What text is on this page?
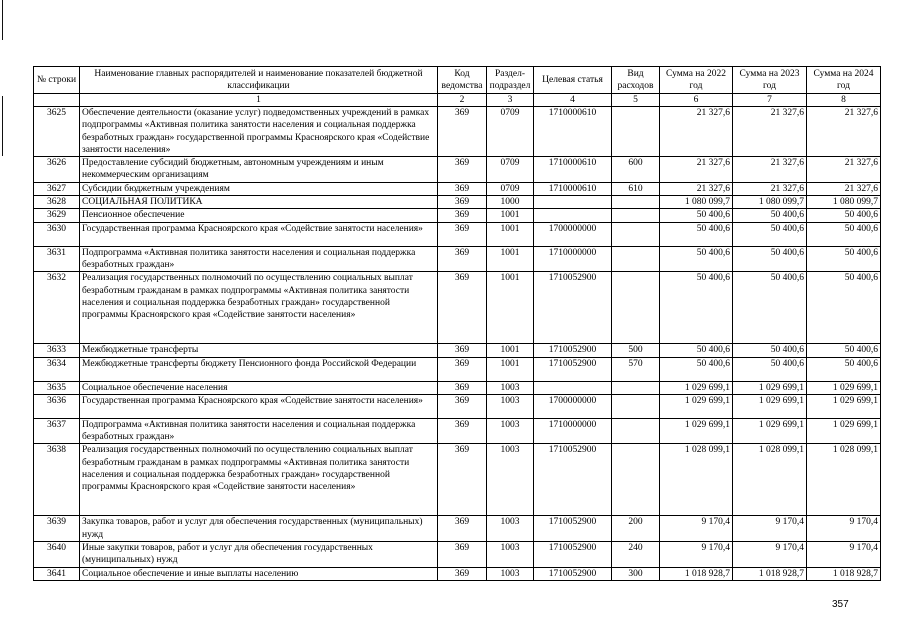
№ строки	Наименование главных распорядителей и наименование показателей бюджетной классификации	Код ведомства	Раздел-подраздел	Целевая статья	Вид расходов	Сумма на 2022 год	Сумма на 2023 год	Сумма на 2024 год
	1	2	3	4	5	6	7	8
3625	Обеспечение деятельности (оказание услуг) подведомственных учреждений в рамках подпрограммы «Активная политика занятости населения и социальная поддержка безработных граждан» государственной программы Красноярского края «Содействие занятости населения»	369	0709	1710000610		21 327,6	21 327,6	21 327,6
3626	Предоставление субсидий бюджетным, автономным учреждениям и иным некоммерческим организациям	369	0709	1710000610	600	21 327,6	21 327,6	21 327,6
3627	Субсидии бюджетным учреждениям	369	0709	1710000610	610	21 327,6	21 327,6	21 327,6
3628	СОЦИАЛЬНАЯ ПОЛИТИКА	369	1000			1 080 099,7	1 080 099,7	1 080 099,7
3629	Пенсионное обеспечение	369	1001			50 400,6	50 400,6	50 400,6
3630	Государственная программа Красноярского края «Содействие занятости населения»	369	1001	1700000000		50 400,6	50 400,6	50 400,6
3631	Подпрограмма «Активная политика занятости населения и социальная поддержка безработных граждан»	369	1001	1710000000		50 400,6	50 400,6	50 400,6
3632	Реализация государственных полномочий по осуществлению социальных выплат безработным гражданам в рамках подпрограммы «Активная политика занятости населения и социальная поддержка безработных граждан» государственной программы Красноярского края «Содействие занятости населения»	369	1001	1710052900		50 400,6	50 400,6	50 400,6
3633	Межбюджетные трансферты	369	1001	1710052900	500	50 400,6	50 400,6	50 400,6
3634	Межбюджетные трансферты бюджету Пенсионного фонда Российской Федерации	369	1001	1710052900	570	50 400,6	50 400,6	50 400,6
3635	Социальное обеспечение населения	369	1003			1 029 699,1	1 029 699,1	1 029 699,1
3636	Государственная программа Красноярского края «Содействие занятости населения»	369	1003	1700000000		1 029 699,1	1 029 699,1	1 029 699,1
3637	Подпрограмма «Активная политика занятости населения и социальная поддержка безработных граждан»	369	1003	1710000000		1 029 699,1	1 029 699,1	1 029 699,1
3638	Реализация государственных полномочий по осуществлению социальных выплат безработным гражданам в рамках подпрограммы «Активная политика занятости населения и социальная поддержка безработных граждан» государственной программы Красноярского края «Содействие занятости населения»	369	1003	1710052900		1 028 099,1	1 028 099,1	1 028 099,1
3639	Закупка товаров, работ и услуг для обеспечения государственных (муниципальных) нужд	369	1003	1710052900	200	9 170,4	9 170,4	9 170,4
3640	Иные закупки товаров, работ и услуг для обеспечения государственных (муниципальных) нужд	369	1003	1710052900	240	9 170,4	9 170,4	9 170,4
3641	Социальное обеспечение и иные выплаты населению	369	1003	1710052900	300	1 018 928,7	1 018 928,7	1 018 928,7
357
